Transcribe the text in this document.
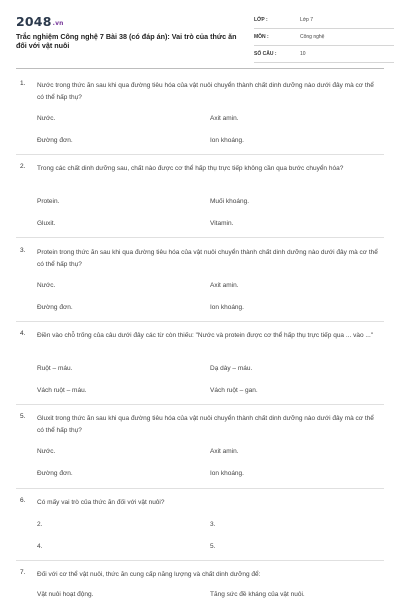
2048.vn
Trắc nghiệm Công nghệ 7 Bài 38 (có đáp án): Vai trò của thức ăn đối với vật nuôi
LỚP :	Lớp 7
MÔN :	Công nghệ
SỐ CÂU :	10
1. Nước trong thức ăn sau khi qua đường tiêu hóa của vật nuôi chuyển thành chất dinh dưỡng nào dưới đây mà cơ thể có thể hấp thụ?
Nước.	Axit amin.
Đường đơn.	Ion khoáng.
2. Trong các chất dinh dưỡng sau, chất nào được cơ thể hấp thụ trực tiếp không cần qua bước chuyển hóa?
Protein.	Muối khoáng.
Gluxit.	Vitamin.
3. Protein trong thức ăn sau khi qua đường tiêu hóa của vật nuôi chuyển thành chất dinh dưỡng nào dưới đây mà cơ thể có thể hấp thụ?
Nước.	Axit amin.
Đường đơn.	Ion khoáng.
4. Điền vào chỗ trống của câu dưới đây các từ còn thiếu: "Nước và protein được cơ thể hấp thụ trực tiếp qua ... vào ..."
Ruột – máu.	Dạ dày – máu.
Vách ruột – máu.	Vách ruột – gan.
5. Gluxit trong thức ăn sau khi qua đường tiêu hóa của vật nuôi chuyển thành chất dinh dưỡng nào dưới đây mà cơ thể có thể hấp thụ?
Nước.	Axit amin.
Đường đơn.	Ion khoáng.
6. Có mấy vai trò của thức ăn đối với vật nuôi?
2.	3.
4.	5.
7. Đối với cơ thể vật nuôi, thức ăn cung cấp năng lượng và chất dinh dưỡng để:
Vật nuôi hoạt động.	Tăng sức đề kháng của vật nuôi.
